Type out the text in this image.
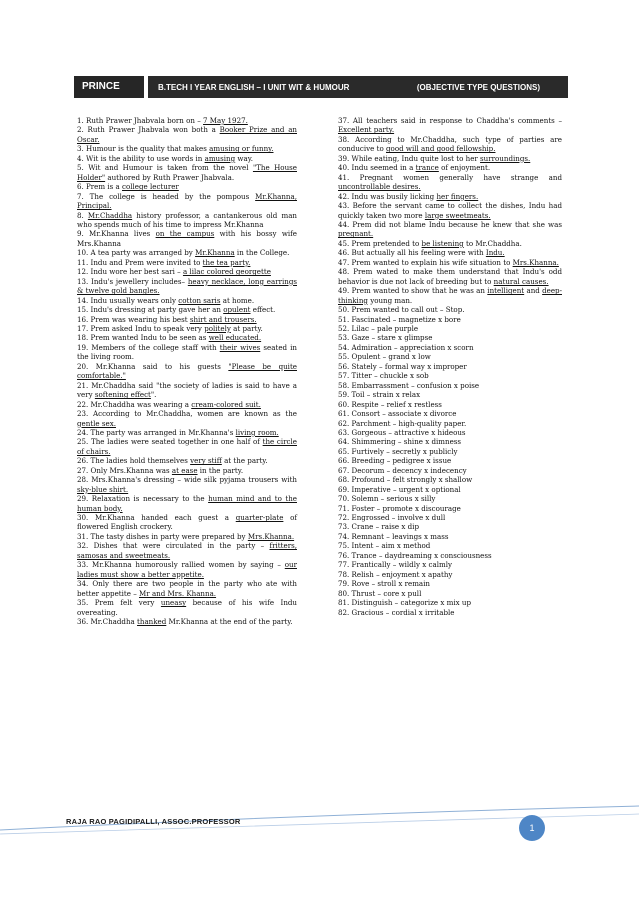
PRINCE	B.TECH I YEAR ENGLISH – I UNIT WIT & HUMOUR	(OBJECTIVE TYPE QUESTIONS)

1. Ruth Prawer Jhabvala born on – 7 May 1927.

2. Ruth Prawer Jhabvala won both a Booker Prize and an Oscar.

3. Humour is the quality that makes amusing or funny.

4. Wit is the ability to use words in amusing way.

5. Wit and Humour is taken from the novel "The House Holder" authored by Ruth Prawer Jhabvala.

6. Prem is a college lecturer

7. The college is headed by the pompous Mr.Khanna, Principal.

8. Mr.Chaddha history professor, a cantankerous old man who spends much of his time to impress Mr.Khanna

9. Mr.Khanna lives on the campus with his bossy wife Mrs.Khanna

10. A tea party was arranged by Mr.Khanna in the College.

11. Indu and Prem were invited to the tea party.

12. Indu wore her best sari – a lilac colored georgette

13. Indu's jewellery includes– heavy necklace, long earrings & twelve gold bangles.

14. Indu usually wears only cotton saris at home.

15. Indu's dressing at party gave her an opulent effect.

16. Prem was wearing his best shirt and trousers.

17. Prem asked Indu to speak very politely at party.

18. Prem wanted Indu to be seen as well educated.

19. Members of the college staff with their wives seated in the living room.

20. Mr.Khanna said to his guests "Please be quite comfortable."

21. Mr.Chaddha said "the society of ladies is said to have a very softening effect".

22. Mr.Chaddha was wearing a cream-colored suit.

23. According to Mr.Chaddha, women are known as the gentle sex.

24. The party was arranged in Mr.Khanna's living room.

25. The ladies were seated together in one half of the circle of chairs.

26. The ladies hold themselves very stiff at the party.

27. Only Mrs.Khanna was at ease in the party.

28. Mrs.Khanna's dressing – wide silk pyjama trousers with sky-blue shirt.

29. Relaxation is necessary to the human mind and to the human body.

30. Mr.Khanna handed each guest a quarter-plate of flowered English crockery.

31. The tasty dishes in party were prepared by Mrs.Khanna.

32. Dishes that were circulated in the party – fritters, samosas and sweetmeats.

33. Mr.Khanna humorously rallied women by saying – our ladies must show a better appetite.

34. Only there are two people in the party who ate with better appetite – Mr and Mrs. Khanna.

35. Prem felt very uneasy because of his wife Indu overeating.

36. Mr.Chaddha thanked Mr.Khanna at the end of the party.

37. All teachers said in response to Chaddha's comments – Excellent party.

38. According to Mr.Chaddha, such type of parties are conducive to good will and good fellowship.

39. While eating, Indu quite lost to her surroundings.

40. Indu seemed in a trance of enjoyment.

41. Pregnant women generally have strange and uncontrollable desires.

42. Indu was busily licking her fingers.

43. Before the servant came to collect the dishes, Indu had quickly taken two more large sweetmeats.

44. Prem did not blame Indu because he knew that she was pregnant.

45. Prem pretended to be listening to Mr.Chaddha.

46. But actually all his feeling were with Indu.

47. Prem wanted to explain his wife situation to Mrs.Khanna.

48. Prem wated to make them understand that Indu's odd behavior is due not lack of breeding but to natural causes.

49. Prem wanted to show that he was an intelligent and deep-thinking young man.

50. Prem wanted to call out – Stop.

51. Fascinated – magnetize x bore

52. Lilac – pale purple

53. Gaze – stare x glimpse

54. Admiration – appreciation x scorn

55. Opulent – grand x low

56. Stately – formal way x improper

57. Titter – chuckle x sob

58. Embarrassment – confusion x poise

59. Toil – strain x relax

60. Respite – relief x restless

61. Consort – associate x divorce

62. Parchment – high-quality paper.

63. Gorgeous – attractive x hideous

64. Shimmering – shine x dimness

65. Furtively – secretly x publicly

66. Breeding – pedigree x issue

67. Decorum – decency x indecency

68. Profound – felt strongly x shallow

69. Imperative – urgent x optional

70. Solemn – serious x silly

71. Foster – promote x discourage

72. Engrossed – involve x dull

73. Crane – raise x dip

74. Remnant – leavings x mass

75. Intent – aim x method

76. Trance – daydreaming x consciousness

77. Frantically – wildly x calmly

78. Relish – enjoyment x apathy

79. Rove – stroll x remain

80. Thrust – core x pull

81. Distinguish – categorize x mix up

82. Gracious – cordial x irritable

RAJA RAO PAGIDIPALLI, ASSOC.PROFESSOR
1
